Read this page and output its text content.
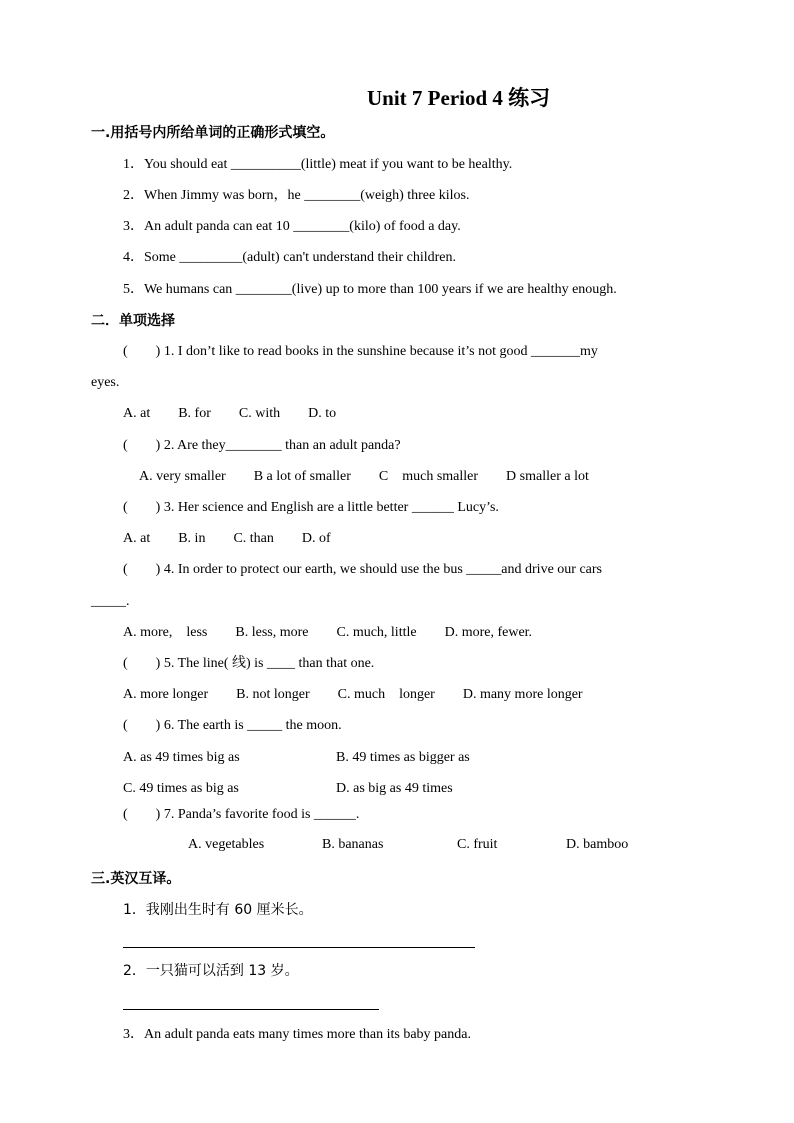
Unit 7 Period 4 练习
一.用括号内所给单词的正确形式填空。
1．You should eat __________(little) meat if you want to be healthy.
2．When Jimmy was born，he ________(weigh) three kilos.
3．An adult panda can eat 10 ________(kilo) of food a day.
4．Some _________(adult) can't understand their children.
5．We humans can ________(live) up to more than 100 years if we are healthy enough.
二．单项选择
(　　) 1. I don’t like to read books in the sunshine because it’s not good _______my
eyes.
A. at　　B. for　　C. with　　D. to
(　　) 2. Are they________ than an adult panda?
A. very smaller　　B a lot of smaller　　C　much smaller　　D smaller a lot
(　　) 3. Her science and English are a little better ______ Lucy’s.
A. at　　B. in　　C. than　　D. of
(　　) 4. In order to protect our earth, we should use the bus _____and drive our cars
_____.
A. more,　less　　B. less, more　　C. much, little　　D. more, fewer.
(　　) 5. The line( 线) is ____ than that one.
A. more longer　　B. not longer　　C. much　longer　　D. many more longer
(　　) 6. The earth is _____ the moon.
A. as 49 times big as	B. 49 times as bigger as
C. 49 times as big as	D. as big as 49 times
(　　) 7. Panda’s favorite food is ______.
A. vegetables	B. bananas	C. fruit	D. bamboo
三.英汉互译。
1．我刚出生时有 60 厘米长。
2．一只猫可以活到 13 岁。
3．An adult panda eats many times more than its baby panda.
